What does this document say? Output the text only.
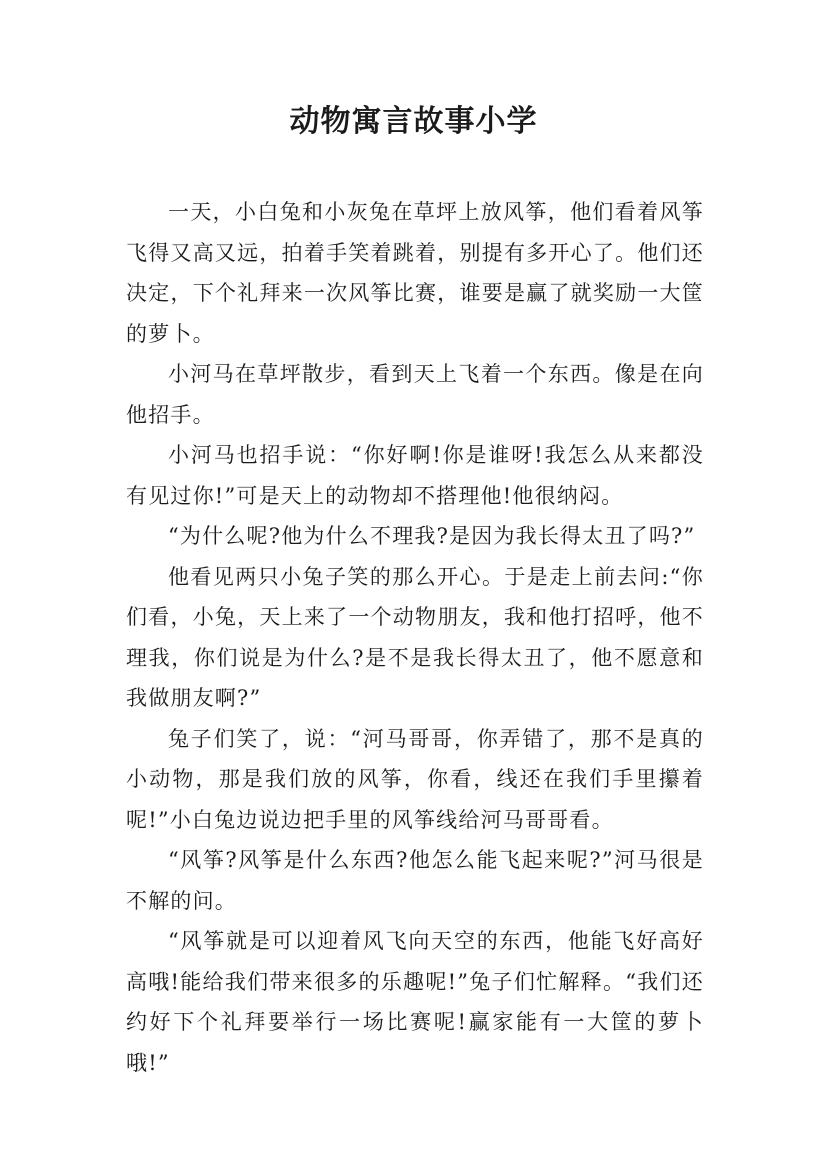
动物寓言故事小学

一天，小白兔和小灰兔在草坪上放风筝，他们看着风筝飞得又高又远，拍着手笑着跳着，别提有多开心了。他们还决定，下个礼拜来一次风筝比赛，谁要是赢了就奖励一大筐的萝卜。

小河马在草坪散步，看到天上飞着一个东西。像是在向他招手。

小河马也招手说：“你好啊!你是谁呀!我怎么从来都没有见过你!”可是天上的动物却不搭理他!他很纳闷。

“为什么呢?他为什么不理我?是因为我长得太丑了吗?”

他看见两只小兔子笑的那么开心。于是走上前去问:“你们看，小兔，天上来了一个动物朋友，我和他打招呼，他不理我，你们说是为什么?是不是我长得太丑了，他不愿意和我做朋友啊?”

兔子们笑了，说：“河马哥哥，你弄错了，那不是真的小动物，那是我们放的风筝，你看，线还在我们手里攥着呢!”小白兔边说边把手里的风筝线给河马哥哥看。

“风筝?风筝是什么东西?他怎么能飞起来呢?”河马很是不解的问。

“风筝就是可以迎着风飞向天空的东西，他能飞好高好高哦!能给我们带来很多的乐趣呢!”兔子们忙解释。“我们还约好下个礼拜要举行一场比赛呢!赢家能有一大筐的萝卜哦!”
